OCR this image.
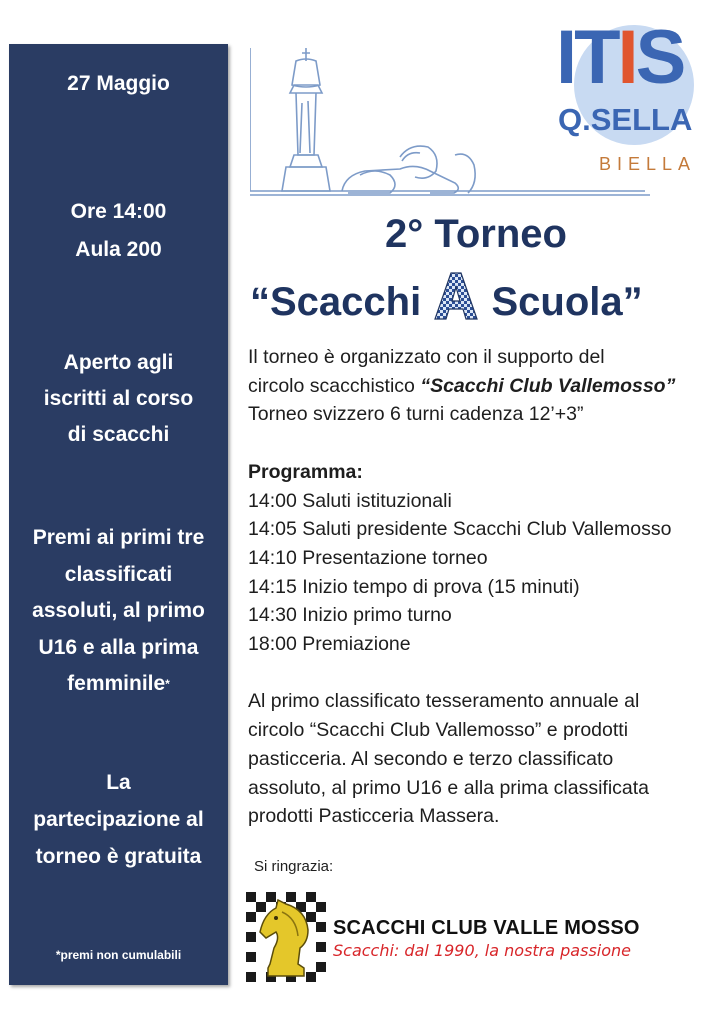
27 Maggio
Ore 14:00
Aula 200
Aperto agli
iscritti al corso
di scacchi
Premi ai primi tre
classificati
assoluti, al primo
U16 e alla prima
femminile*
La
partecipazione al
torneo è gratuita
*premi non cumulabili
ITIS
Q.SELLA
BIELLA
2° Torneo
“Scacchi Scuola”

Il torneo è organizzato con il supporto del

circolo scacchistico “Scacchi Club Vallemosso”

Torneo svizzero 6 turni cadenza 12’+3”

Programma:

14:00 Saluti istituzionali

14:05 Saluti presidente Scacchi Club Vallemosso

14:10 Presentazione torneo

14:15 Inizio tempo di prova (15 minuti)

14:30 Inizio primo turno

18:00 Premiazione

Al primo classificato tesseramento annuale al

circolo “Scacchi Club Vallemosso” e prodotti

pasticceria. Al secondo e terzo classificato

assoluto, al primo U16 e alla prima classificata

prodotti Pasticceria Massera.

Si ringrazia:
SCACCHI CLUB VALLE MOSSO
Scacchi: dal 1990, la nostra passione
